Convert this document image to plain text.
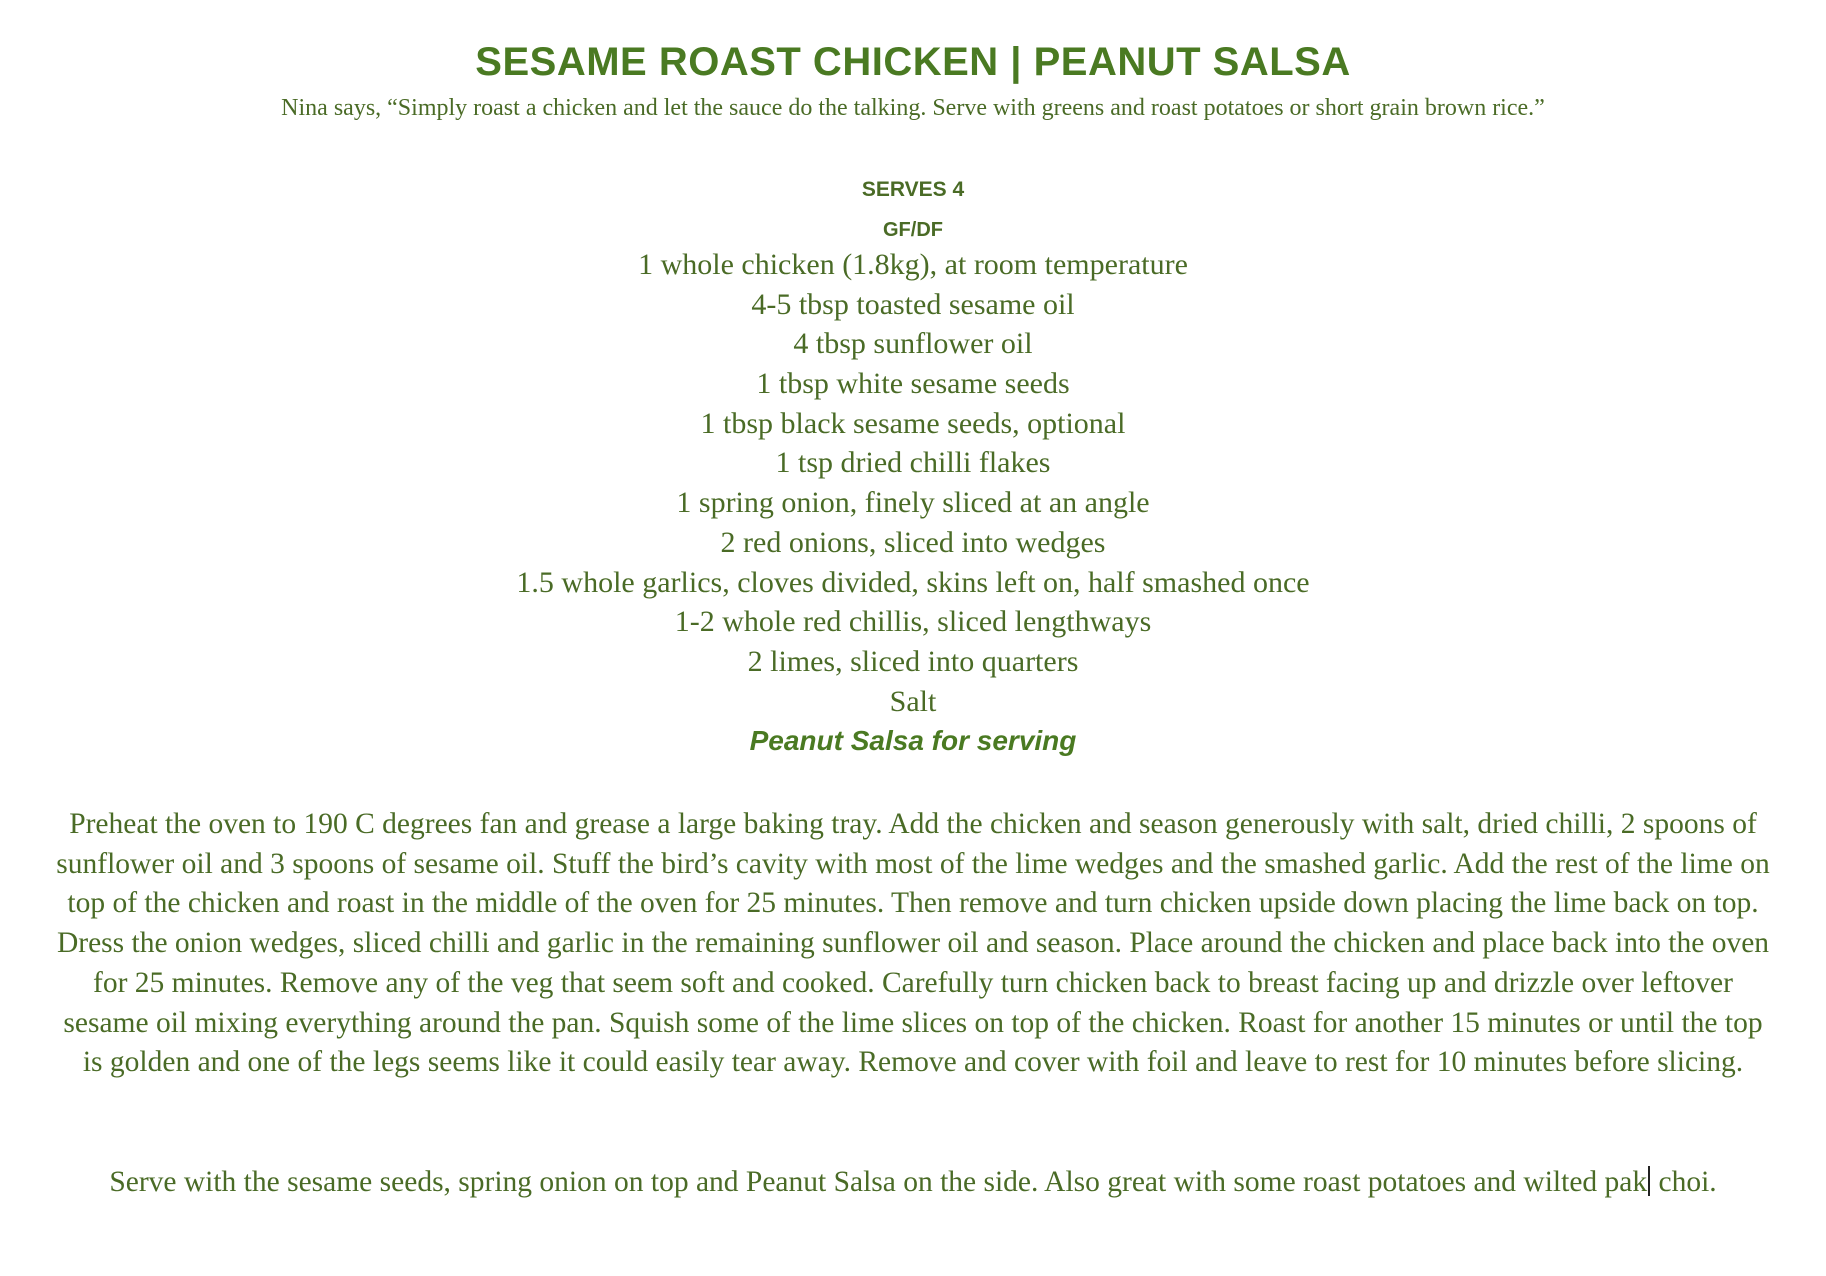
SESAME ROAST CHICKEN | PEANUT SALSA
Nina says, “Simply roast a chicken and let the sauce do the talking. Serve with greens and roast potatoes or short grain brown rice.”
SERVES 4
GF/DF
1 whole chicken (1.8kg), at room temperature
4-5 tbsp toasted sesame oil
4 tbsp sunflower oil
1 tbsp white sesame seeds
1 tbsp black sesame seeds, optional
1 tsp dried chilli flakes
1 spring onion, finely sliced at an angle
2 red onions, sliced into wedges
1.5 whole garlics, cloves divided, skins left on, half smashed once
1-2 whole red chillis, sliced lengthways
2 limes, sliced into quarters
Salt
Peanut Salsa for serving

Preheat the oven to 190 C degrees fan and grease a large baking tray. Add the chicken and season generously with salt, dried chilli, 2 spoons of sunflower oil and 3 spoons of sesame oil. Stuff the bird’s cavity with most of the lime wedges and the smashed garlic. Add the rest of the lime on top of the chicken and roast in the middle of the oven for 25 minutes. Then remove and turn chicken upside down placing the lime back on top. Dress the onion wedges, sliced chilli and garlic in the remaining sunflower oil and season. Place around the chicken and place back into the oven for 25 minutes. Remove any of the veg that seem soft and cooked. Carefully turn chicken back to breast facing up and drizzle over leftover sesame oil mixing everything around the pan. Squish some of the lime slices on top of the chicken. Roast for another 15 minutes or until the top is golden and one of the legs seems like it could easily tear away. Remove and cover with foil and leave to rest for 10 minutes before slicing.

Serve with the sesame seeds, spring onion on top and Peanut Salsa on the side. Also great with some roast potatoes and wilted pak choi.
